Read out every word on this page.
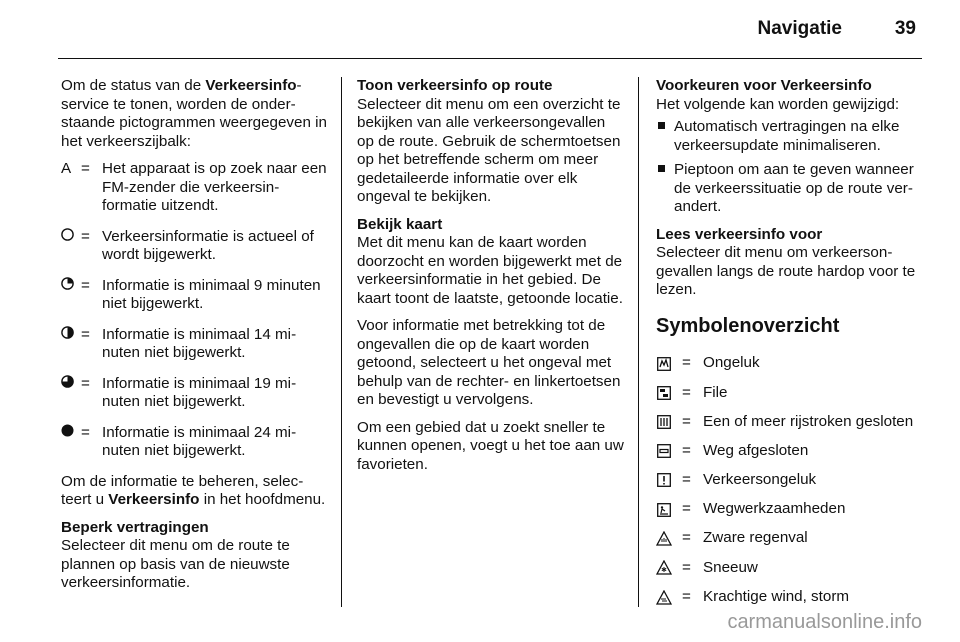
Navigatie	39

Om de status van de Verkeersinfo-service te tonen, worden de onderstaande pictogrammen weergegeven in het verkeerszijbalk:

A = Het apparaat is op zoek naar een FM-zender die verkeersinformatie uitzendt.
= Verkeersinformatie is actueel of wordt bijgewerkt.
= Informatie is minimaal 9 minuten niet bijgewerkt.
= Informatie is minimaal 14 minuten niet bijgewerkt.
= Informatie is minimaal 19 minuten niet bijgewerkt.
= Informatie is minimaal 24 minuten niet bijgewerkt.

Om de informatie te beheren, selecteert u Verkeersinfo in het hoofdmenu.

Beperk vertragingen
Selecteer dit menu om de route te plannen op basis van de nieuwste verkeersinformatie.

Toon verkeersinfo op route
Selecteer dit menu om een overzicht te bekijken van alle verkeersongevallen op de route. Gebruik de schermtoetsen op het betreffende scherm om meer gedetaileerde informatie over elk ongeval te bekijken.

Bekijk kaart
Met dit menu kan de kaart worden doorzocht en worden bijgewerkt met de verkeersinformatie in het gebied. De kaart toont de laatste, getoonde locatie.

Voor informatie met betrekking tot de ongevallen die op de kaart worden getoond, selecteert u het ongeval met behulp van de rechter- en linkertoetsen en bevestigt u vervolgens.

Om een gebied dat u zoekt sneller te kunnen openen, voegt u het toe aan uw favorieten.

Voorkeuren voor Verkeersinfo
Het volgende kan worden gewijzigd:

Automatisch vertragingen na elke verkeersupdate minimaliseren.
Pieptoon om aan te geven wanneer de verkeerssituatie op de route verandert.

Lees verkeersinfo voor
Selecteer dit menu om verkeersongevallen langs de route hardop voor te lezen.

Symbolenoverzicht
= Ongeluk
= File
= Een of meer rijstroken gesloten
= Weg afgesloten
= Verkeersongeluk
= Wegwerkzaamheden
= Zware regenval
= Sneeuw
= Krachtige wind, storm
carmanualsonline.info
